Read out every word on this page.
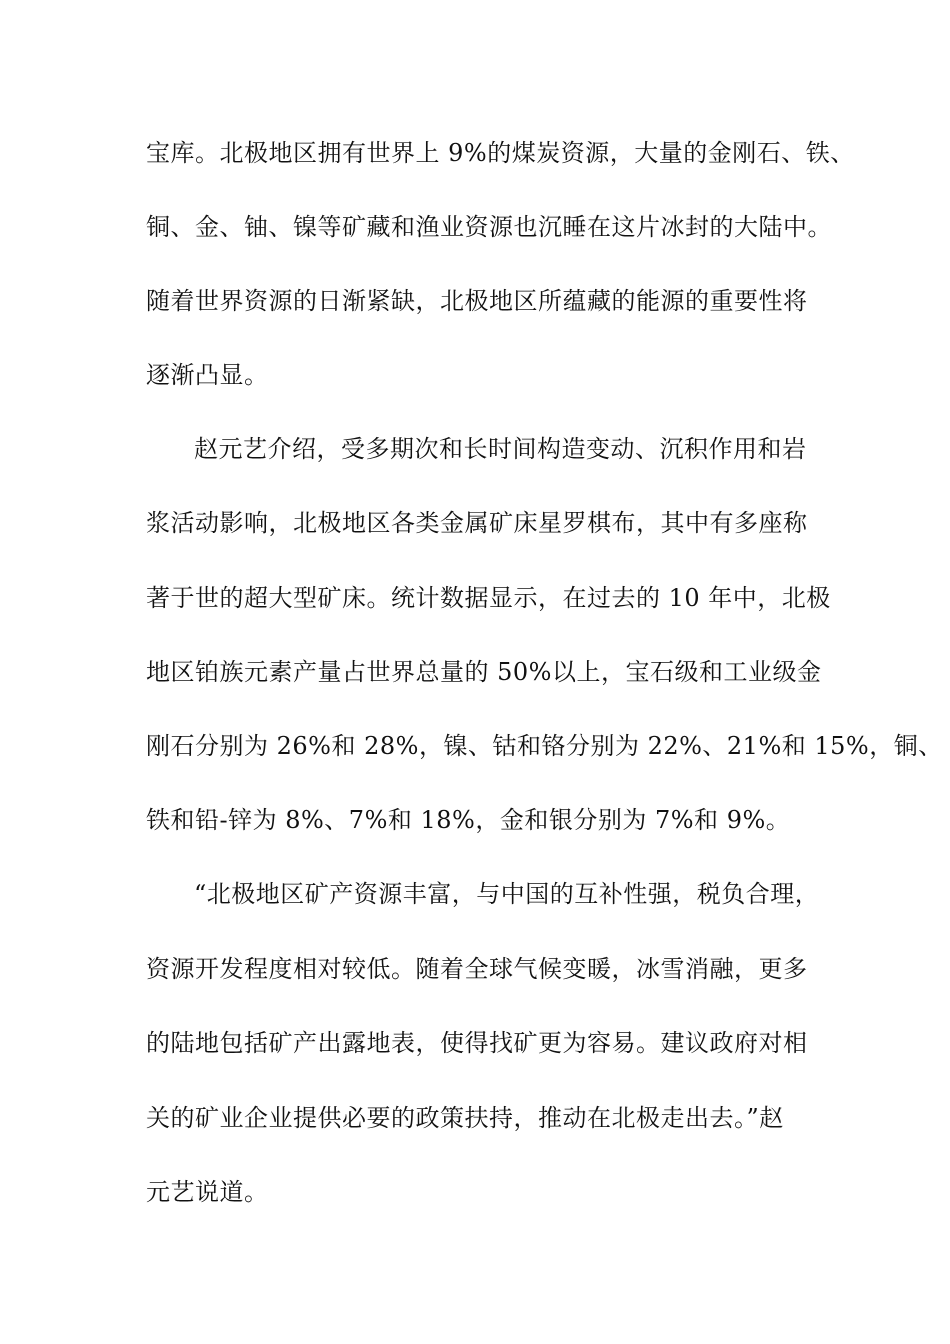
宝库。北极地区拥有世界上 9%的煤炭资源，大量的金刚石、铁、
铜、金、铀、镍等矿藏和渔业资源也沉睡在这片冰封的大陆中。
随着世界资源的日渐紧缺，北极地区所蕴藏的能源的重要性将
逐渐凸显。
赵元艺介绍，受多期次和长时间构造变动、沉积作用和岩
浆活动影响，北极地区各类金属矿床星罗棋布，其中有多座称
著于世的超大型矿床。统计数据显示，在过去的 10 年中，北极
地区铂族元素产量占世界总量的 50%以上，宝石级和工业级金
刚石分别为 26%和 28%，镍、钴和铬分别为 22%、21%和 15%，铜、
铁和铅-锌为 8%、7%和 18%，金和银分别为 7%和 9%。
“北极地区矿产资源丰富，与中国的互补性强，税负合理，
资源开发程度相对较低。随着全球气候变暖，冰雪消融，更多
的陆地包括矿产出露地表，使得找矿更为容易。建议政府对相
关的矿业企业提供必要的政策扶持，推动在北极走出去。”赵
元艺说道。
